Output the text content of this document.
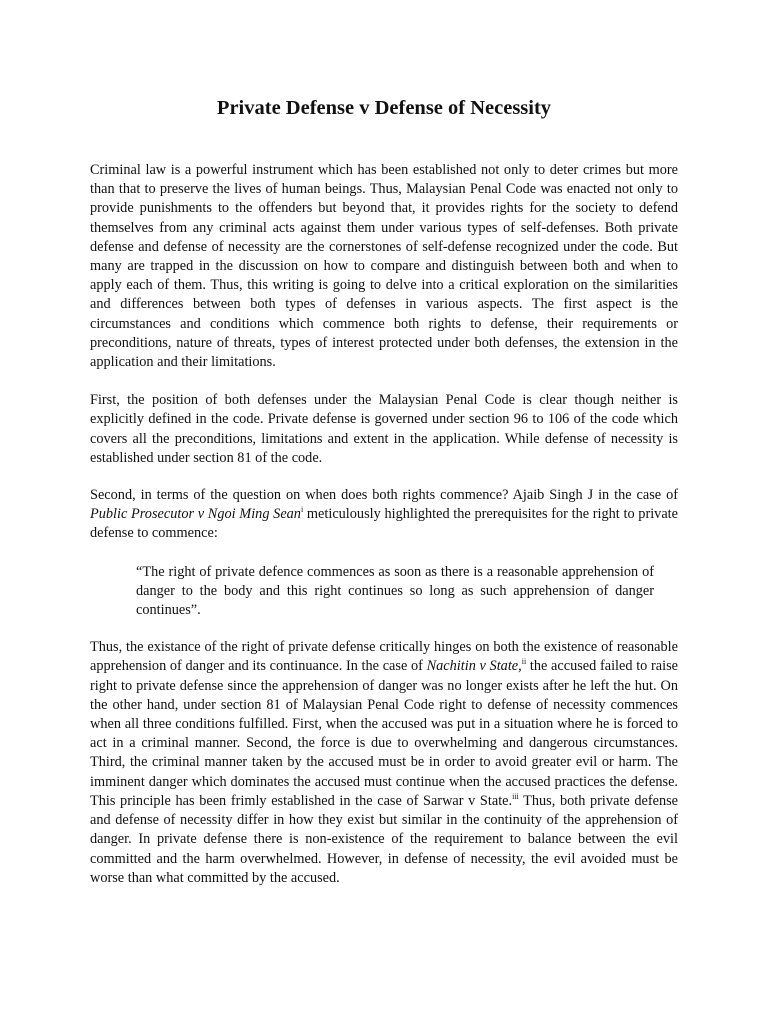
Private Defense v Defense of Necessity

Criminal law is a powerful instrument which has been established not only to deter crimes but more than that to preserve the lives of human beings. Thus, Malaysian Penal Code was enacted not only to provide punishments to the offenders but beyond that, it provides rights for the society to defend themselves from any criminal acts against them under various types of self-defenses. Both private defense and defense of necessity are the cornerstones of self-defense recognized under the code. But many are trapped in the discussion on how to compare and distinguish between both and when to apply each of them. Thus, this writing is going to delve into a critical exploration on the similarities and differences between both types of defenses in various aspects. The first aspect is the circumstances and conditions which commence both rights to defense, their requirements or preconditions, nature of threats, types of interest protected under both defenses, the extension in the application and their limitations.

First, the position of both defenses under the Malaysian Penal Code is clear though neither is explicitly defined in the code. Private defense is governed under section 96 to 106 of the code which covers all the preconditions, limitations and extent in the application. While defense of necessity is established under section 81 of the code.

Second, in terms of the question on when does both rights commence? Ajaib Singh J in the case of Public Prosecutor v Ngoi Ming Sean$^i$ meticulously highlighted the prerequisites for the right to private defense to commence:

“The right of private defence commences as soon as there is a reasonable apprehension of danger to the body and this right continues so long as such apprehension of danger continues”.

Thus, the existance of the right of private defense critically hinges on both the existence of reasonable apprehension of danger and its continuance. In the case of Nachitin v State,$^{ii}$ the accused failed to raise right to private defense since the apprehension of danger was no longer exists after he left the hut. On the other hand, under section 81 of Malaysian Penal Code right to defense of necessity commences when all three conditions fulfilled. First, when the accused was put in a situation where he is forced to act in a criminal manner. Second, the force is due to overwhelming and dangerous circumstances. Third, the criminal manner taken by the accused must be in order to avoid greater evil or harm. The imminent danger which dominates the accused must continue when the accused practices the defense. This principle has been frimly established in the case of Sarwar v State.$^{iii}$ Thus, both private defense and defense of necessity differ in how they exist but similar in the continuity of the apprehension of danger. In private defense there is non-existence of the requirement to balance between the evil committed and the harm overwhelmed. However, in defense of necessity, the evil avoided must be worse than what committed by the accused.
